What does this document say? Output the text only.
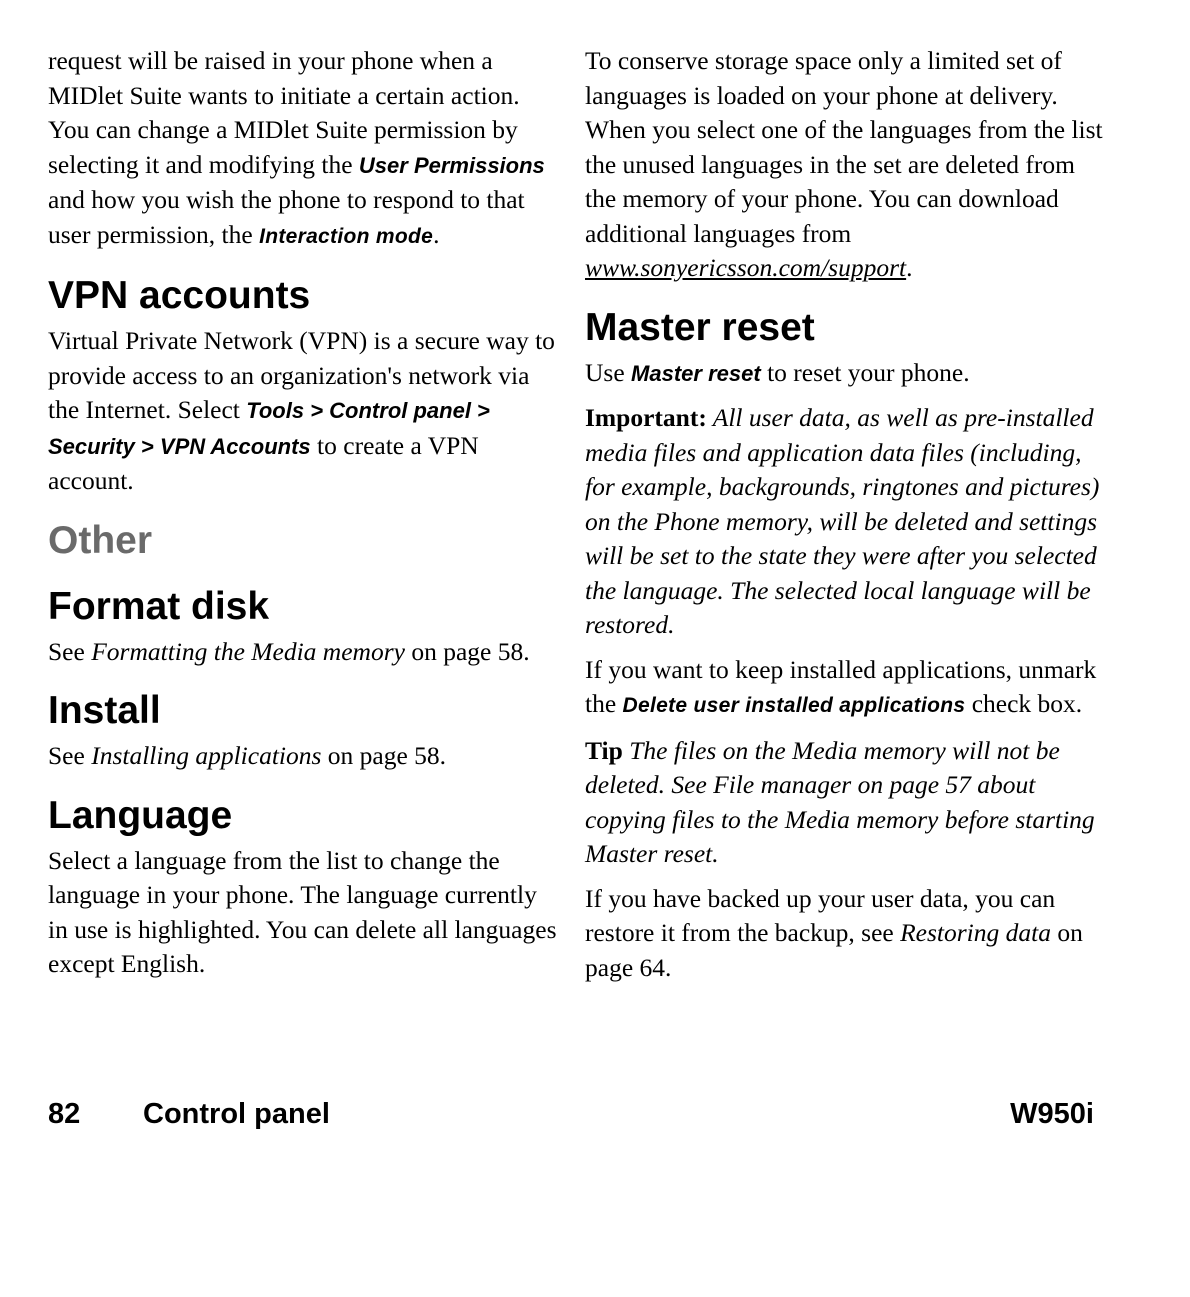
request will be raised in your phone when a MIDlet Suite wants to initiate a certain action. You can change a MIDlet Suite permission by selecting it and modifying the User Permissions and how you wish the phone to respond to that user permission, the Interaction mode.

VPN accounts

Virtual Private Network (VPN) is a secure way to provide access to an organization's network via the Internet. Select Tools > Control panel > Security > VPN Accounts to create a VPN account.

Other
Format disk

See Formatting the Media memory on page 58.

Install

See Installing applications on page 58.

Language

Select a language from the list to change the language in your phone. The language currently in use is highlighted. You can delete all languages except English.

To conserve storage space only a limited set of languages is loaded on your phone at delivery. When you select one of the languages from the list the unused languages in the set are deleted from the memory of your phone. You can download additional languages from www.sonyericsson.com/support.

Master reset

Use Master reset to reset your phone.

Important: All user data, as well as pre-installed media files and application data files (including, for example, backgrounds, ringtones and pictures) on the Phone memory, will be deleted and settings will be set to the state they were after you selected the language. The selected local language will be restored.

If you want to keep installed applications, unmark the Delete user installed applications check box.

Tip The files on the Media memory will not be deleted. See File manager on page 57 about copying files to the Media memory before starting Master reset.

If you have backed up your user data, you can restore it from the backup, see Restoring data on page 64.

82 Control panel	W950i
